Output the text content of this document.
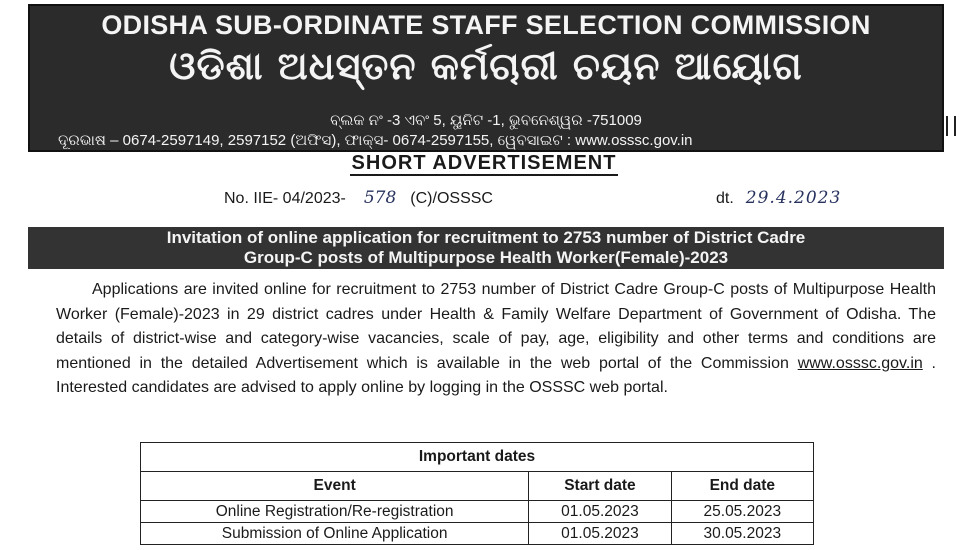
ODISHA SUB-ORDINATE STAFF SELECTION COMMISSION
ଓଡିଶା ଅଧସ୍ତନ କର୍ମଚାରୀ ଚୟନ ଆୟୋଗ
ବ୍ଲକ ନଂ -3 ଏବଂ 5, ୟୁନିଟ -1, ଭୁବନେଶ୍ୱର -751009
ଦୂରଭାଷ – 0674-2597149, 2597152 (ଅଫିସ), ଫାକ୍ସ- 0674-2597155, ୱେବସାଇଟ : www.osssc.gov.in
SHORT ADVERTISEMENT
No. IIE- 04/2023- 578 (C)/OSSSC	dt. 29.4.2023
Invitation of online application for recruitment to 2753 number of District Cadre
Group-C posts of Multipurpose Health Worker(Female)-2023
Applications are invited online for recruitment to 2753 number of District Cadre Group-C posts of Multipurpose Health Worker (Female)-2023 in 29 district cadres under Health & Family Welfare Department of Government of Odisha. The details of district-wise and category-wise vacancies, scale of pay, age, eligibility and other terms and conditions are mentioned in the detailed Advertisement which is available in the web portal of the Commission www.osssc.gov.in . Interested candidates are advised to apply online by logging in the OSSSC web portal.
Important dates		
Event	Start date	End date
Online Registration/Re-registration	01.05.2023	25.05.2023
Submission of Online Application	01.05.2023	30.05.2023
